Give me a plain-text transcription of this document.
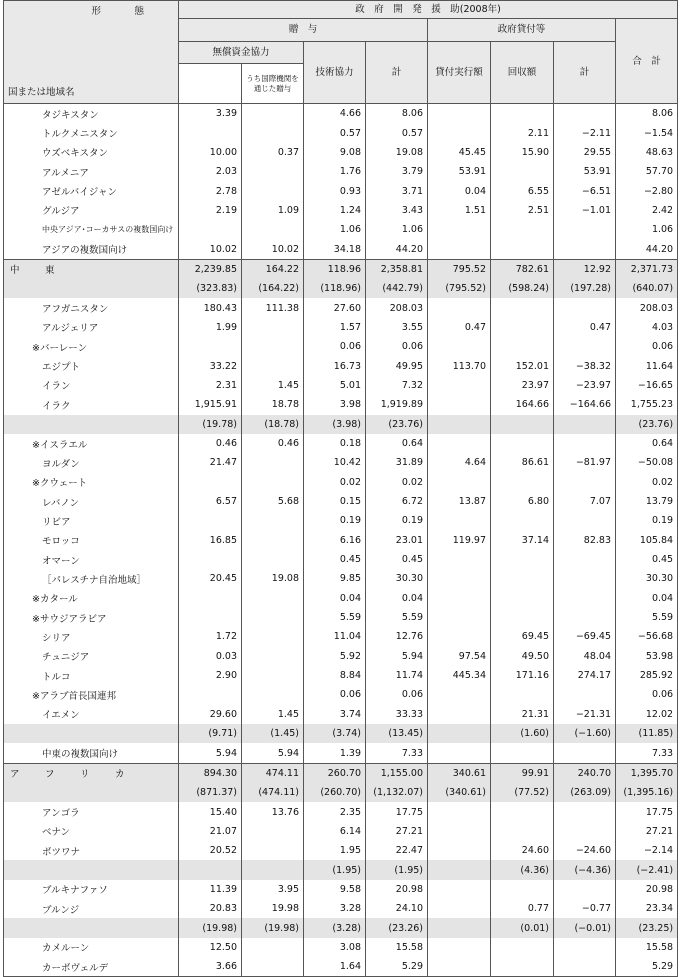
形　態
国または地域名	政　府　開　発　援　助(2008年)							
	贈　与				政府貸付等			合　計
	無償資金協力		技術協力	計	貸付実行額	回収額	計	
		うち国際機関を通じた贈与						
タジキスタン	3.39		4.66	8.06				8.06
トルクメニスタン			0.57	0.57		2.11	−2.11	−1.54
ウズベキスタン	10.00	0.37	9.08	19.08	45.45	15.90	29.55	48.63
アルメニア	2.03		1.76	3.79	53.91		53.91	57.70
アゼルバイジャン	2.78		0.93	3.71	0.04	6.55	−6.51	−2.80
グルジア	2.19	1.09	1.24	3.43	1.51	2.51	−1.01	2.42
中央アジア･コーカサスの複数国向け			1.06	1.06				1.06
アジアの複数国向け	10.02	10.02	34.18	44.20				44.20
中　東	2,239.85	164.22	118.96	2,358.81	795.52	782.61	12.92	2,371.73
	(323.83)	(164.22)	(118.96)	(442.79)	(795.52)	(598.24)	(197.28)	(640.07)
アフガニスタン	180.43	111.38	27.60	208.03				208.03
アルジェリア	1.99		1.57	3.55	0.47		0.47	4.03
※バーレーン			0.06	0.06				0.06
エジプト	33.22		16.73	49.95	113.70	152.01	−38.32	11.64
イラン	2.31	1.45	5.01	7.32		23.97	−23.97	−16.65
イラク	1,915.91	18.78	3.98	1,919.89		164.66	−164.66	1,755.23
	(19.78)	(18.78)	(3.98)	(23.76)				(23.76)
※イスラエル	0.46	0.46	0.18	0.64				0.64
ヨルダン	21.47		10.42	31.89	4.64	86.61	−81.97	−50.08
※クウェート			0.02	0.02				0.02
レバノン	6.57	5.68	0.15	6.72	13.87	6.80	7.07	13.79
リビア			0.19	0.19				0.19
モロッコ	16.85		6.16	23.01	119.97	37.14	82.83	105.84
オマーン			0.45	0.45				0.45
［パレスチナ自治地域］	20.45	19.08	9.85	30.30				30.30
※カタール			0.04	0.04				0.04
※サウジアラビア			5.59	5.59				5.59
シリア	1.72		11.04	12.76		69.45	−69.45	−56.68
チュニジア	0.03		5.92	5.94	97.54	49.50	48.04	53.98
トルコ	2.90		8.84	11.74	445.34	171.16	274.17	285.92
※アラブ首長国連邦			0.06	0.06				0.06
イエメン	29.60	1.45	3.74	33.33		21.31	−21.31	12.02
	(9.71)	(1.45)	(3.74)	(13.45)		(1.60)	(−1.60)	(11.85)
中東の複数国向け	5.94	5.94	1.39	7.33				7.33
ア　フ　リ　カ	894.30	474.11	260.70	1,155.00	340.61	99.91	240.70	1,395.70
	(871.37)	(474.11)	(260.70)	(1,132.07)	(340.61)	(77.52)	(263.09)	(1,395.16)
アンゴラ	15.40	13.76	2.35	17.75				17.75
ベナン	21.07		6.14	27.21				27.21
ボツワナ	20.52		1.95	22.47		24.60	−24.60	−2.14
			(1.95)	(1.95)		(4.36)	(−4.36)	(−2.41)
ブルキナファソ	11.39	3.95	9.58	20.98				20.98
ブルンジ	20.83	19.98	3.28	24.10		0.77	−0.77	23.34
	(19.98)	(19.98)	(3.28)	(23.26)		(0.01)	(−0.01)	(23.25)
カメルーン	12.50		3.08	15.58				15.58
カーボヴェルデ	3.66		1.64	5.29				5.29
